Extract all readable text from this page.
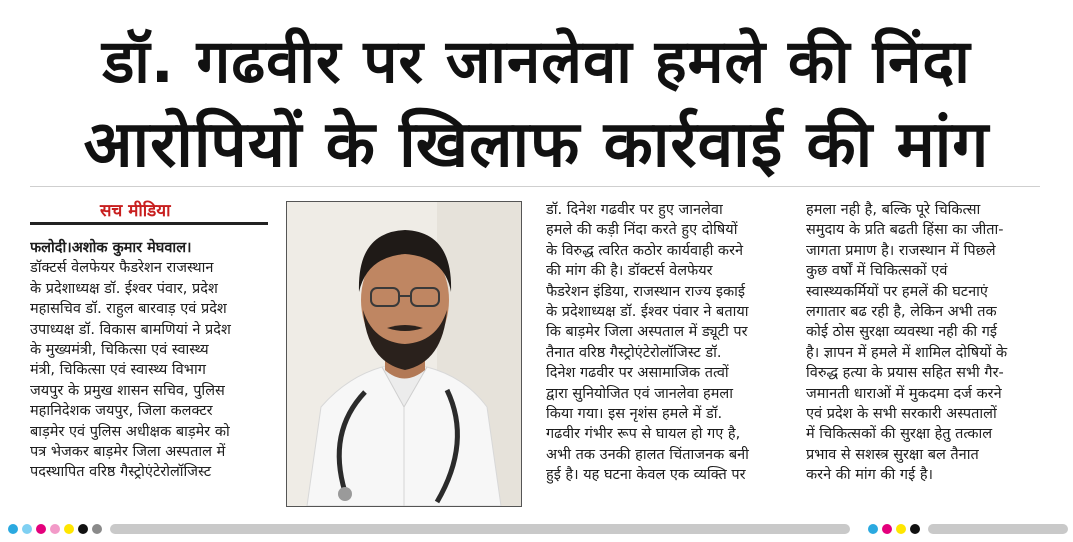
डॉ. गढवीर पर जानलेवा हमले की निंदा
आरोपियों के खिलाफ कार्रवाई की मांग
सच मीडिया
फलोदी।अशोक कुमार मेघवाल।
डॉक्टर्स वेलफेयर फैडरेशन राजस्थान
के प्रदेशाध्यक्ष डॉ. ईश्वर पंवार, प्रदेश
महासचिव डॉ. राहुल बारवाड़ एवं प्रदेश
उपाध्यक्ष डॉ. विकास बामणियां ने प्रदेश
के मुख्यमंत्री, चिकित्सा एवं स्वास्थ्य
मंत्री, चिकित्सा एवं स्वास्थ्य विभाग
जयपुर के प्रमुख शासन सचिव, पुलिस
महानिदेशक जयपुर, जिला कलक्टर
बाड़मेर एवं पुलिस अधीक्षक बाड़मेर को
पत्र भेजकर बाड़मेर जिला अस्पताल में
पदस्थापित वरिष्ठ गैस्ट्रोएंटेरोलॉजिस्ट
डॉ. दिनेश गढवीर पर हुए जानलेवा
हमले की कड़ी निंदा करते हुए दोषियों
के विरुद्ध त्वरित कठोर कार्यवाही करने
की मांग की है। डॉक्टर्स वेलफेयर
फैडरेशन इंडिया, राजस्थान राज्य इकाई
के प्रदेशाध्यक्ष डॉ. ईश्वर पंवार ने बताया
कि बाड़मेर जिला अस्पताल में ड्यूटी पर
तैनात वरिष्ठ गैस्ट्रोएंटेरोलॉजिस्ट डॉ.
दिनेश गढवीर पर असामाजिक तत्वों
द्वारा सुनियोजित एवं जानलेवा हमला
किया गया। इस नृशंस हमले में डॉ.
गढवीर गंभीर रूप से घायल हो गए है,
अभी तक उनकी हालत चिंताजनक बनी
हुई है। यह घटना केवल एक व्यक्ति पर
हमला नही है, बल्कि पूरे चिकित्सा
समुदाय के प्रति बढती हिंसा का जीता-
जागता प्रमाण है। राजस्थान में पिछले
कुछ वर्षों में चिकित्सकों एवं
स्वास्थ्यकर्मियों पर हमलें की घटनाएं
लगातार बढ रही है, लेकिन अभी तक
कोई ठोस सुरक्षा व्यवस्था नही की गई
है। ज्ञापन में हमले में शामिल दोषियों के
विरुद्ध हत्या के प्रयास सहित सभी गैर-
जमानती धाराओं में मुकदमा दर्ज करने
एवं प्रदेश के सभी सरकारी अस्पतालों
में चिकित्सकों की सुरक्षा हेतु तत्काल
प्रभाव से सशस्त्र सुरक्षा बल तैनात
करने की मांग की गई है।
